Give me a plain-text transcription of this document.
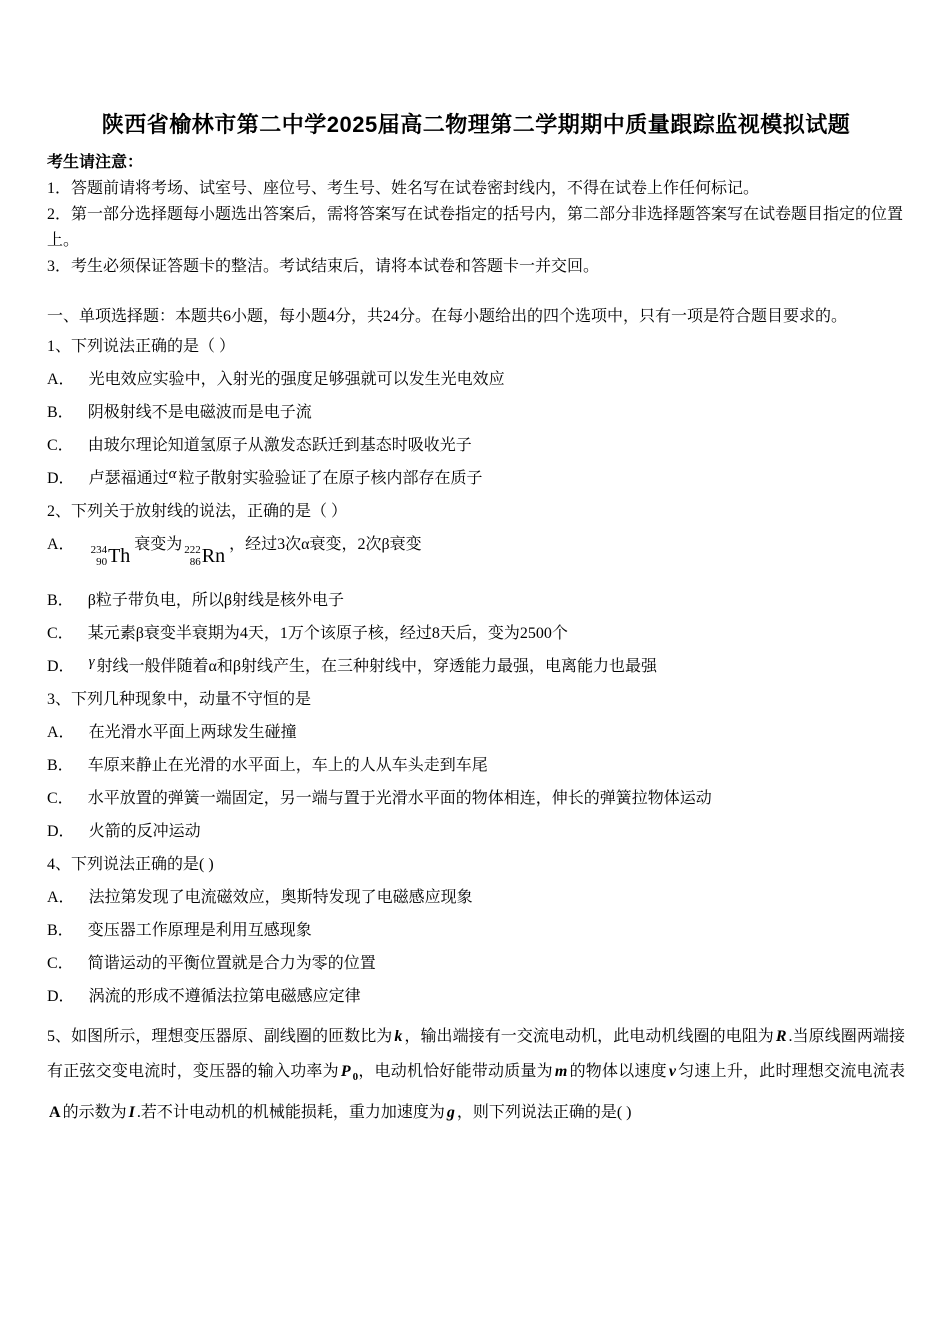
陕西省榆林市第二中学2025届高二物理第二学期期中质量跟踪监视模拟试题
考生请注意：
1．答题前请将考场、试室号、座位号、考生号、姓名写在试卷密封线内，不得在试卷上作任何标记。
2．第一部分选择题每小题选出答案后，需将答案写在试卷指定的括号内，第二部分非选择题答案写在试卷题目指定的位置上。
3．考生必须保证答题卡的整洁。考试结束后，请将本试卷和答题卡一并交回。
一、单项选择题：本题共6小题，每小题4分，共24分。在每小题给出的四个选项中，只有一项是符合题目要求的。
1、下列说法正确的是（ ）
A． 光电效应实验中，入射光的强度足够强就可以发生光电效应
B． 阴极射线不是电磁波而是电子流
C． 由玻尔理论知道氢原子从激发态跃迁到基态时吸收光子
D． 卢瑟福通过α 粒子散射实验验证了在原子核内部存在质子
2、下列关于放射线的说法，正确的是（ ）
A． 234
90 Th
衰变为 222
86 Rn
，经过3次α衰变，2次β衰变
B． β粒子带负电，所以β射线是核外电子
C． 某元素β衰变半衰期为4天，1万个该原子核，经过8天后，变为2500个
D． γ 射线一般伴随着α和β射线产生，在三种射线中，穿透能力最强，电离能力也最强
3、下列几种现象中，动量不守恒的是
A． 在光滑水平面上两球发生碰撞
B． 车原来静止在光滑的水平面上，车上的人从车头走到车尾
C． 水平放置的弹簧一端固定，另一端与置于光滑水平面的物体相连，伸长的弹簧拉物体运动
D． 火箭的反冲运动
4、下列说法正确的是( )
A． 法拉第发现了电流磁效应，奥斯特发现了电磁感应现象
B． 变压器工作原理是利用互感现象
C． 简谐运动的平衡位置就是合力为零的位置
D． 涡流的形成不遵循法拉第电磁感应定律
5、如图所示，理想变压器原、副线圈的匝数比为 k ，输出端接有一交流电动机，此电动机线圈的电阻为 R .当原线圈两端接有正弦交变电流时，变压器的输入功率为 P $_0$，电动机恰好能带动质量为 m 的物体以速度 v 匀速上升，此时理想交流电流表A 的示数为 I .若不计电动机的机械能损耗，重力加速度为 g ，则下列说法正确的是( )
